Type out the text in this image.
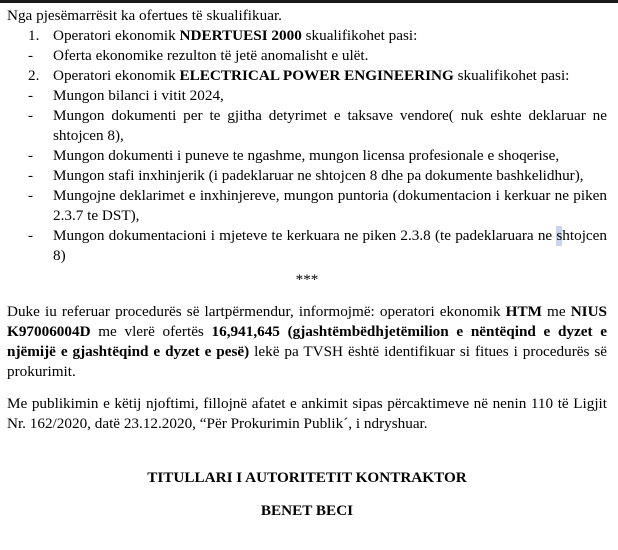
Nga pjesëmarrësit ka ofertues të skualifikuar.

1. Operatori ekonomik NDERTUESI 2000 skualifikohet pasi:
- Oferta ekonomike rezulton të jetë anomalisht e ulët.
2. Operatori ekonomik ELECTRICAL POWER ENGINEERING skualifikohet pasi:
- Mungon bilanci i vitit 2024,
- Mungon dokumenti per te gjitha detyrimet e taksave vendore( nuk eshte deklaruar ne shtojcen 8),
- Mungon dokumenti i puneve te ngashme, mungon licensa profesionale e shoqerise,
- Mungon stafi inxhinjerik (i padeklaruar ne shtojcen 8 dhe pa dokumente bashkelidhur),
- Mungojne deklarimet e inxhinjereve, mungon puntoria (dokumentacion i kerkuar ne piken 2.3.7 te DST),
- Mungon dokumentacioni i mjeteve te kerkuara ne piken 2.3.8 (te padeklaruara ne shtojcen 8)
***
Duke iu referuar procedurës së lartpërmendur, informojmë: operatori ekonomik HTM me NIUS K97006004D me vlerë ofertës 16,941,645 (gjashtëmbëdhjetëmilion e nëntëqind e dyzet e njëmijë e gjashtëqind e dyzet e pesë) lekë pa TVSH është identifikuar si fitues i procedurës së prokurimit.
Me publikimin e këtij njoftimi, fillojnë afatet e ankimit sipas përcaktimeve në nenin 110 të Ligjit Nr. 162/2020, datë 23.12.2020, “Për Prokurimin Publik´, i ndryshuar.
TITULLARI I AUTORITETIT KONTRAKTOR
BENET BECI
